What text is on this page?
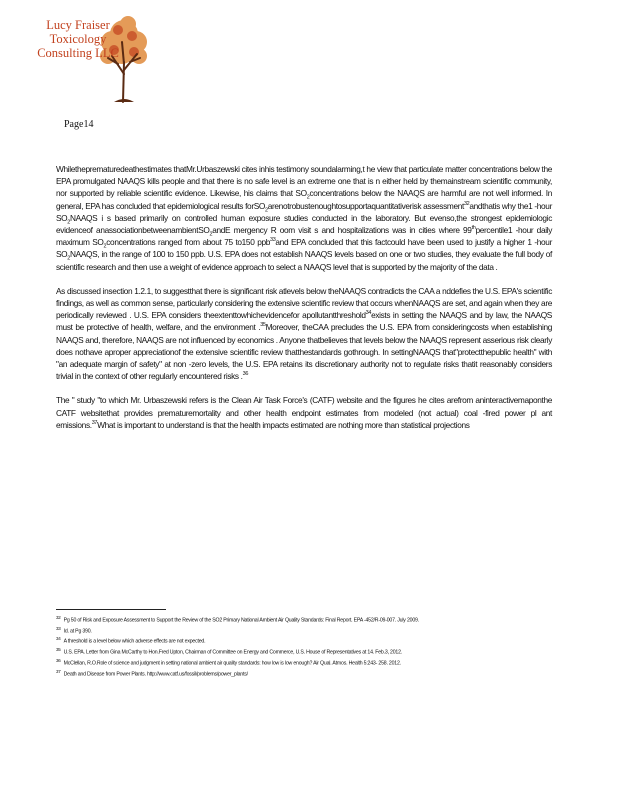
Lucy Fraiser
Toxicology
Consulting LLC
Page14

Whiletheprematuredeathestimates thatMr.Urbaszewski cites inhis testimony soundalarming,t he view that particulate matter concentrations below the EPA promulgated NAAQS kills people and that there is no safe level is an extreme one that is n either held by themainstream scientific community, nor supported by reliable scientific evidence. Likewise, his claims that $SO_2concentrations$ below the NAAQS are harmful are not well informed. In general, EPA has concluded that epidemiological results forSO$_2$arenotrobustenoughtosupportaquantitativerisk assessment$^{32}$andthatis why the1 -hour $SO_2NAAQS$ i s based primarily on controlled human exposure studies conducted in the laboratory. But evenso,the strongest epidemiologic evidenceof anassociationbetweenambientSO$_2$andE mergency R oom visit s and hospitalizations was in cities where 99thpercentile1 -hour daily maximum $SO_2concentrations$ ranged from about 75 to150 ppb$^{33}$and EPA concluded that this factcould have been used to justify a higher 1 -hour $SO_2NAAQS$, in the range of 100 to 150 ppb. U.S. EPA does not establish NAAQS levels based on one or two studies, they evaluate the full body of scientific research and then use a weight of evidence approach to select a NAAQS level that is supported by the majority of the data .

As discussed insection 1.2.1, to suggestthat there is significant risk atlevels below theNAAQS contradicts the CAA a nddefies the U.S. EPA's scientific findings, as well as common sense, particularly considering the extensive scientific review that occurs whenNAAQS are set, and again when they are periodically reviewed . U.S. EPA considers theextenttowhichevidencefor apollutantthreshold$^{34}$exists in setting the NAAQS and by law, the NAAQS must be protective of health, welfare, and the environment .$^{35}$Moreover, theCAA precludes the U.S. EPA from consideringcosts when establishing NAAQS and, therefore, NAAQS are not influenced by economics . Anyone thatbelieves that levels below the NAAQS represent asserious risk clearly does nothave aproper appreciationof the extensive scientific review thatthestandards gothrough. In settingNAAQS that"protectthepublic health" with "an adequate margin of safety" at non -zero levels, the U.S. EPA retains its discretionary authority not to regulate risks thatit reasonably considers trivial in the context of other regularly encountered risks .$^{36}$

The " study "to which Mr. Urbaszewski refers is the Clean Air Task Force's (CATF) website and the figures he cites arefrom aninteractivemaponthe CATF websitethat provides prematuremortality and other health endpoint estimates from modeled (not actual) coal -fired power pl ant emissions.$^{37}$What is important to understand is that the health impacts estimated are nothing more than statistical projections

32Pg 50 of Risk and Exposure Assessment to Support the Review of the SO2 Primary National Ambient Air Quality Standards: Final Report. EPA -452/R-09-007. July 2009.
33Id. at Pg 390.
34A threshold is a level below which adverse effects are not expected.
35U.S. EPA. Letter from Gina McCarthy to Hon.Fred Upton, Chairman of Committee on Energy and Commerce, U.S. House of Representatives at 14. Feb.3, 2012.
36McClellan, R.O.Role of science and judgment in setting national ambient air quality standards: how low is low enough? Air Qual. Atmos. Health 5:243- 258. 2012.
37Death and Disease from Power Plants. http://www.catf.us/fossil/problems/power_plants/
